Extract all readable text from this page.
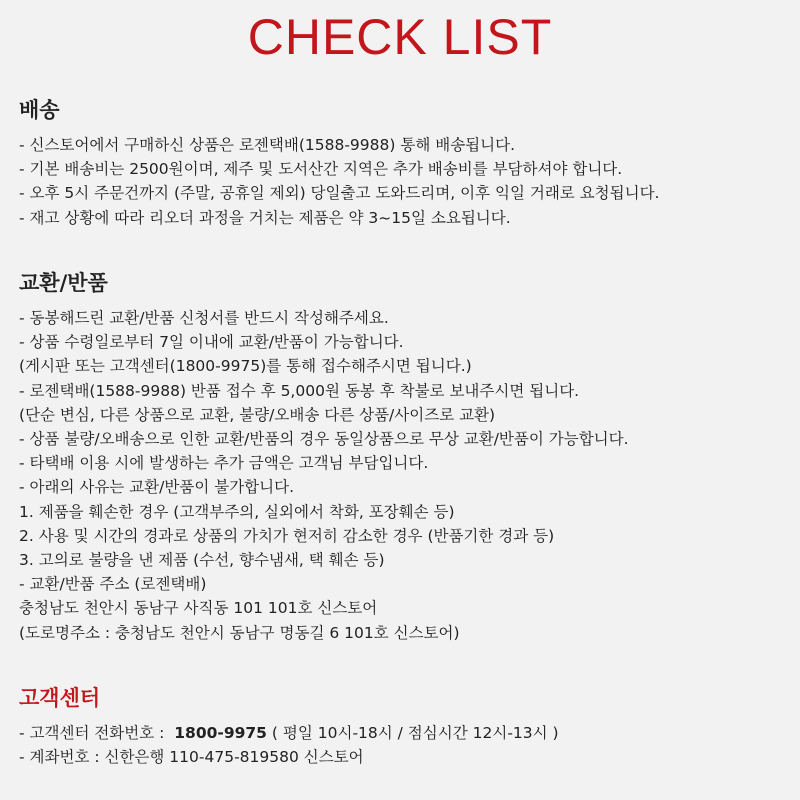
CHECK LIST
배송
- 신스토어에서 구매하신 상품은 로젠택배(1588-9988) 통해 배송됩니다.
- 기본 배송비는 2500원이며, 제주 및 도서산간 지역은 추가 배송비를 부담하셔야 합니다.
- 오후 5시 주문건까지 (주말, 공휴일 제외) 당일출고 도와드리며, 이후 익일 거래로 요청됩니다.
- 재고 상황에 따라 리오더 과정을 거치는 제품은 약 3~15일 소요됩니다.
교환/반품
- 동봉해드린 교환/반품 신청서를 반드시 작성해주세요.
- 상품 수령일로부터 7일 이내에 교환/반품이 가능합니다.
(게시판 또는 고객센터(1800-9975)를 통해 접수해주시면 됩니다.)
- 로젠택배(1588-9988) 반품 접수 후 5,000원 동봉 후 착불로 보내주시면 됩니다.
(단순 변심, 다른 상품으로 교환, 불량/오배송 다른 상품/사이즈로 교환)
- 상품 불량/오배송으로 인한 교환/반품의 경우 동일상품으로 무상 교환/반품이 가능합니다.
- 타택배 이용 시에 발생하는 추가 금액은 고객님 부담입니다.
- 아래의 사유는 교환/반품이 불가합니다.
1. 제품을 훼손한 경우 (고객부주의, 실외에서 착화, 포장훼손 등)
2. 사용 및 시간의 경과로 상품의 가치가 현저히 감소한 경우 (반품기한 경과 등)
3. 고의로 불량을 낸 제품 (수선, 향수냄새, 택 훼손 등)
- 교환/반품 주소 (로젠택배)
충청남도 천안시 동남구 사직동 101 101호 신스토어
(도로명주소 : 충청남도 천안시 동남구 명동길 6 101호 신스토어)
고객센터
- 고객센터 전화번호 :  1800-9975 ( 평일 10시-18시 / 점심시간 12시-13시 )
- 계좌번호 : 신한은행 110-475-819580 신스토어
